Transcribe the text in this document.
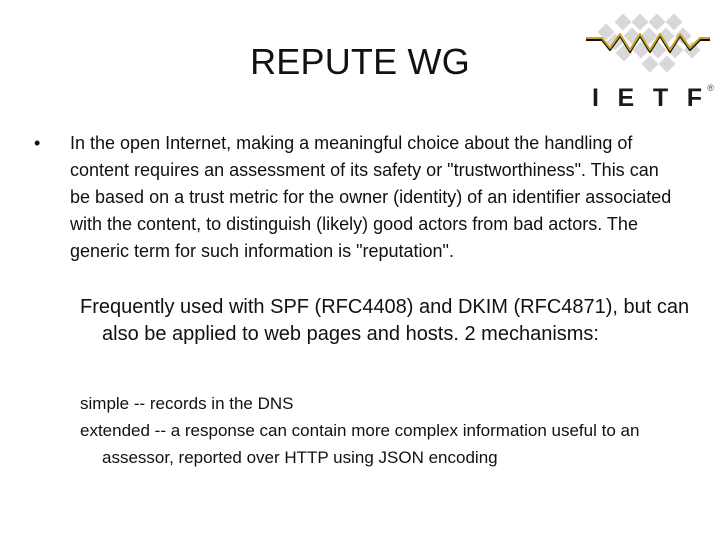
REPUTE WG
I E T F ®
•	In the open Internet, making a meaningful choice about the handling of content requires an assessment of its safety or "trustworthiness". This can be based on a trust metric for the owner (identity) of an identifier associated with the content, to distinguish (likely) good actors from bad actors. The generic term for such information is "reputation".

Frequently used with SPF (RFC4408) and DKIM (RFC4871), but can also be applied to web pages and hosts. 2 mechanisms:

simple -- records in the DNS
extended -- a response can contain more complex information useful to an assessor, reported over HTTP using JSON encoding
